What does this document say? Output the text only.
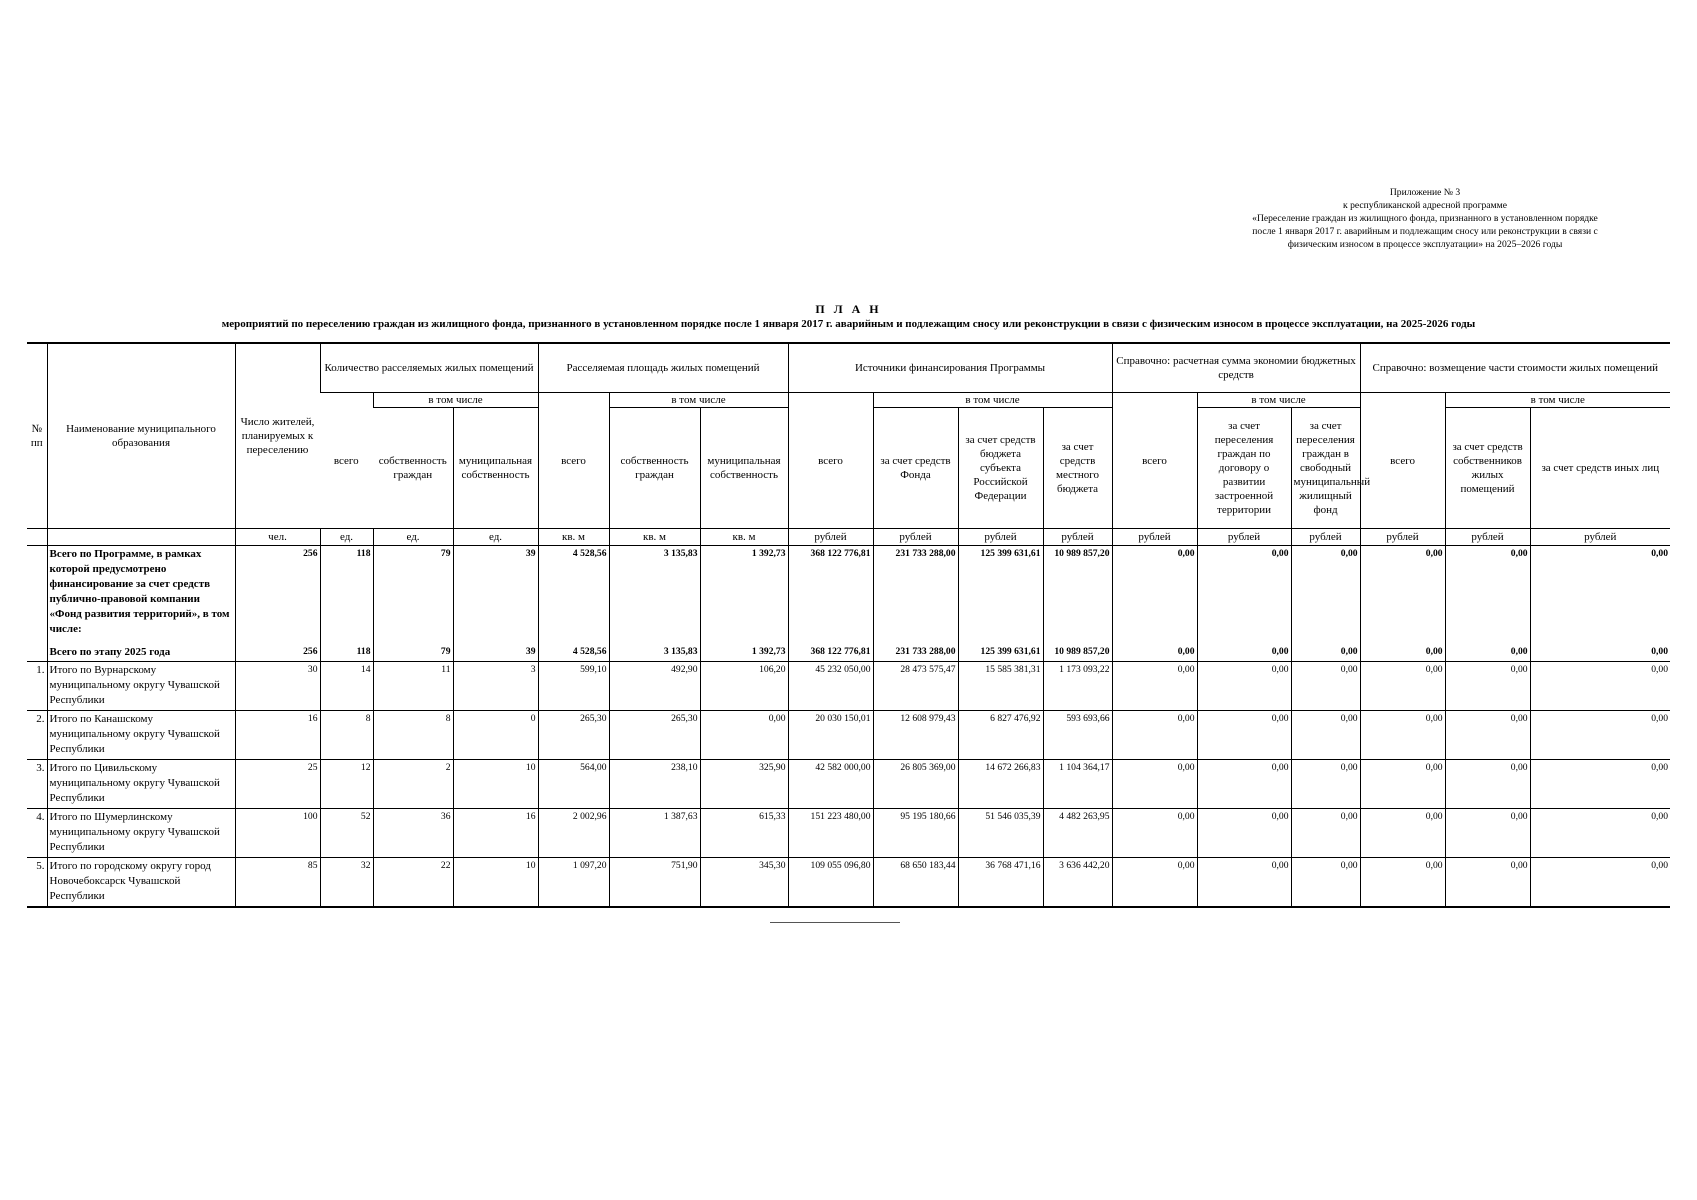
Приложение № 3
к республиканской адресной программе
«Переселение граждан из жилищного фонда, признанного в установленном порядке
после 1 января 2017 г. аварийным и подлежащим сносу или реконструкции в связи с
физическим износом в процессе эксплуатации» на 2025–2026 годы
П Л А Н
мероприятий по переселению граждан из жилищного фонда, признанного в установленном порядке после 1 января 2017 г. аварийным и подлежащим сносу или реконструкции в связи с физическим износом в процессе эксплуатации, на 2025-2026 годы
№ пп	Наименование муниципального образования	Число жителей, планируемых к переселению	Количество расселяемых жилых помещений			Расселяемая площадь жилых помещений			Источники финансирования Программы				Справочно: расчетная сумма экономии бюджетных средств			Справочно: возмещение части стоимости жилых помещений		
			всего	в том числе		всего	в том числе		всего	в том числе			всего	в том числе		всего	в том числе	
				собственность граждан	муниципальная собственность		собственность граждан	муниципальная собственность		за счет средств Фонда	за счет средств бюджета субъекта Российской Федерации	за счет средств местного бюджета		за счет переселения граждан по договору о развитии застроенной территории	за счет переселения граждан в свободный муниципальный жилищный фонд		за счет средств собственников жилых помещений	за счет средств иных лиц
		чел.	ед.	ед.	ед.	кв. м	кв. м	кв. м	рублей	рублей	рублей	рублей	рублей	рублей	рублей	рублей	рублей	рублей
	Всего по Программе, в рамках которой предусмотрено финансирование за счет средств публично-правовой компании «Фонд развития территорий», в том числе:	256	118	79	39	4 528,56	3 135,83	1 392,73	368 122 776,81	231 733 288,00	125 399 631,61	10 989 857,20	0,00	0,00	0,00	0,00	0,00	0,00
	Всего по этапу 2025 года	256	118	79	39	4 528,56	3 135,83	1 392,73	368 122 776,81	231 733 288,00	125 399 631,61	10 989 857,20	0,00	0,00	0,00	0,00	0,00	0,00
1.	Итого по Вурнарскому муниципальному округу Чувашской Республики	30	14	11	3	599,10	492,90	106,20	45 232 050,00	28 473 575,47	15 585 381,31	1 173 093,22	0,00	0,00	0,00	0,00	0,00	0,00
2.	Итого по Канашскому муниципальному округу Чувашской Республики	16	8	8	0	265,30	265,30	0,00	20 030 150,01	12 608 979,43	6 827 476,92	593 693,66	0,00	0,00	0,00	0,00	0,00	0,00
3.	Итого по Цивильскому муниципальному округу Чувашской Республики	25	12	2	10	564,00	238,10	325,90	42 582 000,00	26 805 369,00	14 672 266,83	1 104 364,17	0,00	0,00	0,00	0,00	0,00	0,00
4.	Итого по Шумерлинскому муниципальному округу Чувашской Республики	100	52	36	16	2 002,96	1 387,63	615,33	151 223 480,00	95 195 180,66	51 546 035,39	4 482 263,95	0,00	0,00	0,00	0,00	0,00	0,00
5.	Итого по городскому округу город Новочебоксарск Чувашской Республики	85	32	22	10	1 097,20	751,90	345,30	109 055 096,80	68 650 183,44	36 768 471,16	3 636 442,20	0,00	0,00	0,00	0,00	0,00	0,00
